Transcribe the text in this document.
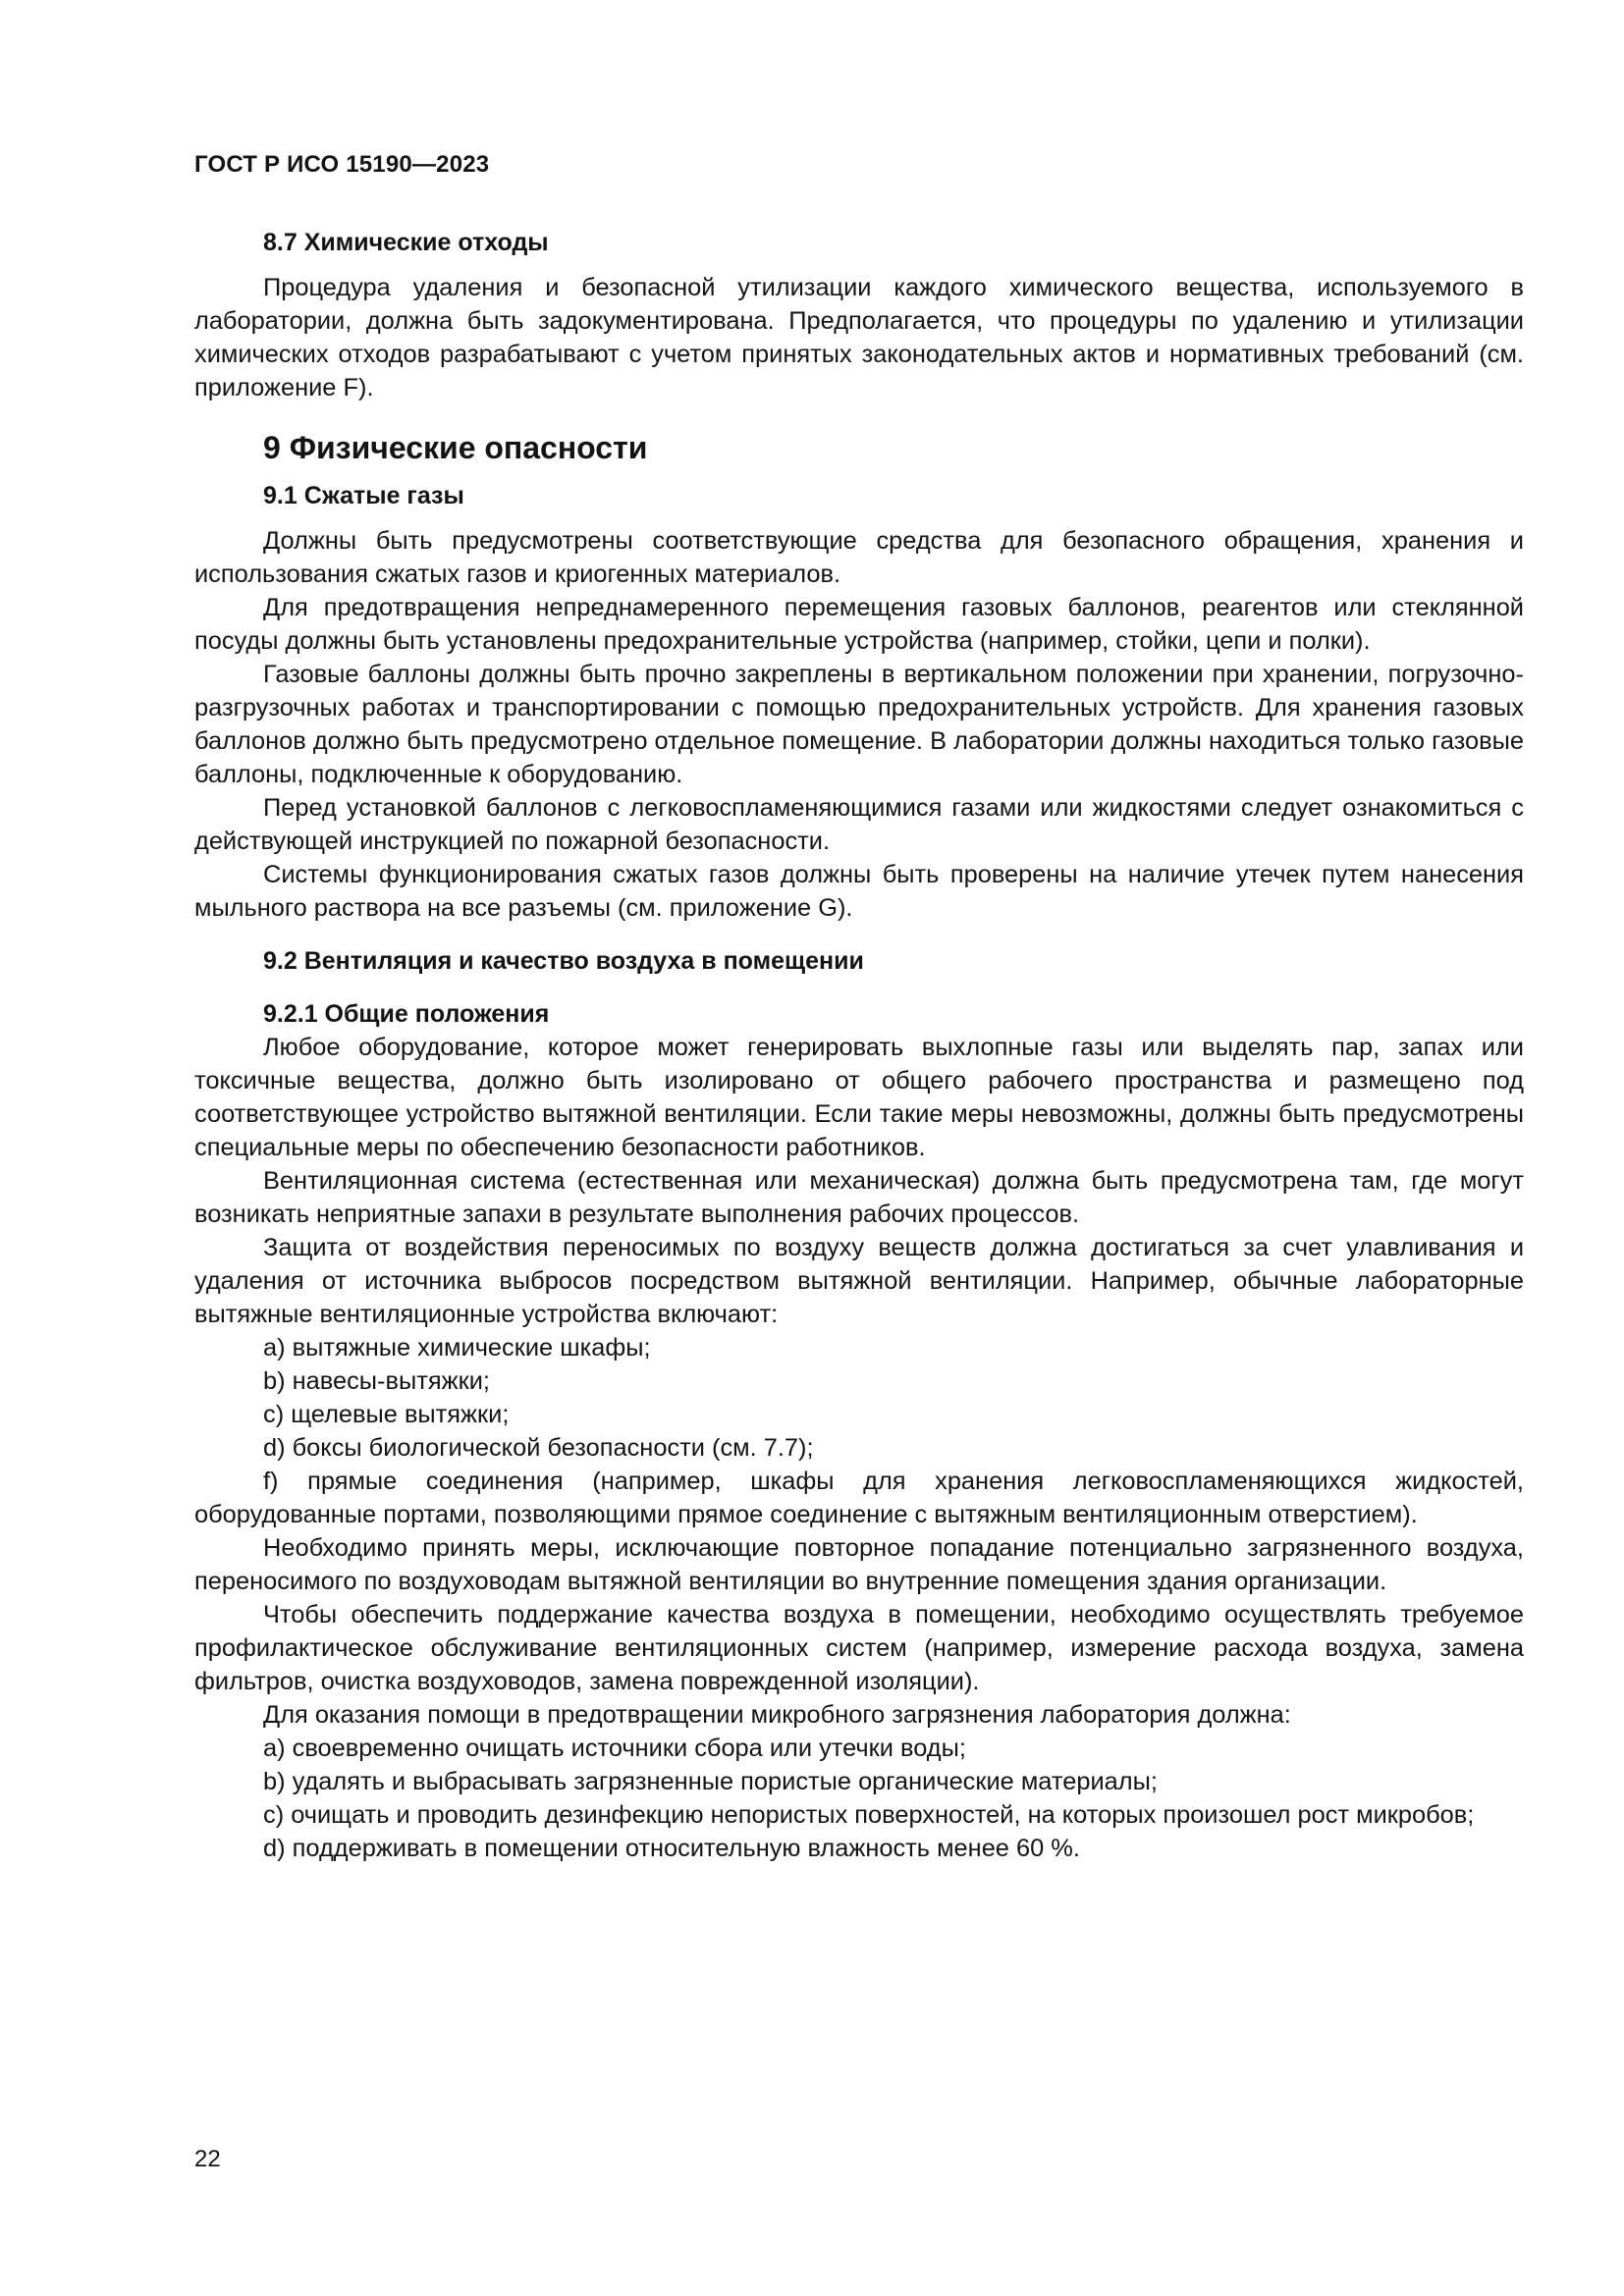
ГОСТ Р ИСО 15190—2023
8.7 Химические отходы

Процедура удаления и безопасной утилизации каждого химического вещества, используемого в лаборатории, должна быть задокументирована. Предполагается, что процедуры по удалению и утилизации химических отходов разрабатывают с учетом принятых законодательных актов и нормативных требований (см. приложение F).

9 Физические опасности
9.1 Сжатые газы

Должны быть предусмотрены соответствующие средства для безопасного обращения, хранения и использования сжатых газов и криогенных материалов.

Для предотвращения непреднамеренного перемещения газовых баллонов, реагентов или стеклянной посуды должны быть установлены предохранительные устройства (например, стойки, цепи и полки).

Газовые баллоны должны быть прочно закреплены в вертикальном положении при хранении, погрузочно-разгрузочных работах и транспортировании с помощью предохранительных устройств. Для хранения газовых баллонов должно быть предусмотрено отдельное помещение. В лаборатории должны находиться только газовые баллоны, подключенные к оборудованию.

Перед установкой баллонов с легковоспламеняющимися газами или жидкостями следует ознакомиться с действующей инструкцией по пожарной безопасности.

Системы функционирования сжатых газов должны быть проверены на наличие утечек путем нанесения мыльного раствора на все разъемы (см. приложение G).

9.2 Вентиляция и качество воздуха в помещении
9.2.1 Общие положения

Любое оборудование, которое может генерировать выхлопные газы или выделять пар, запах или токсичные вещества, должно быть изолировано от общего рабочего пространства и размещено под соответствующее устройство вытяжной вентиляции. Если такие меры невозможны, должны быть предусмотрены специальные меры по обеспечению безопасности работников.

Вентиляционная система (естественная или механическая) должна быть предусмотрена там, где могут возникать неприятные запахи в результате выполнения рабочих процессов.

Защита от воздействия переносимых по воздуху веществ должна достигаться за счет улавливания и удаления от источника выбросов посредством вытяжной вентиляции. Например, обычные лабораторные вытяжные вентиляционные устройства включают:

a) вытяжные химические шкафы;

b) навесы-вытяжки;

c) щелевые вытяжки;

d) боксы биологической безопасности (см. 7.7);

f) прямые соединения (например, шкафы для хранения легковоспламеняющихся жидкостей, оборудованные портами, позволяющими прямое соединение с вытяжным вентиляционным отверстием).

Необходимо принять меры, исключающие повторное попадание потенциально загрязненного воздуха, переносимого по воздуховодам вытяжной вентиляции во внутренние помещения здания организации.

Чтобы обеспечить поддержание качества воздуха в помещении, необходимо осуществлять требуемое профилактическое обслуживание вентиляционных систем (например, измерение расхода воздуха, замена фильтров, очистка воздуховодов, замена поврежденной изоляции).

Для оказания помощи в предотвращении микробного загрязнения лаборатория должна:

a) своевременно очищать источники сбора или утечки воды;

b) удалять и выбрасывать загрязненные пористые органические материалы;

c) очищать и проводить дезинфекцию непористых поверхностей, на которых произошел рост микробов;

d) поддерживать в помещении относительную влажность менее 60 %.

22
